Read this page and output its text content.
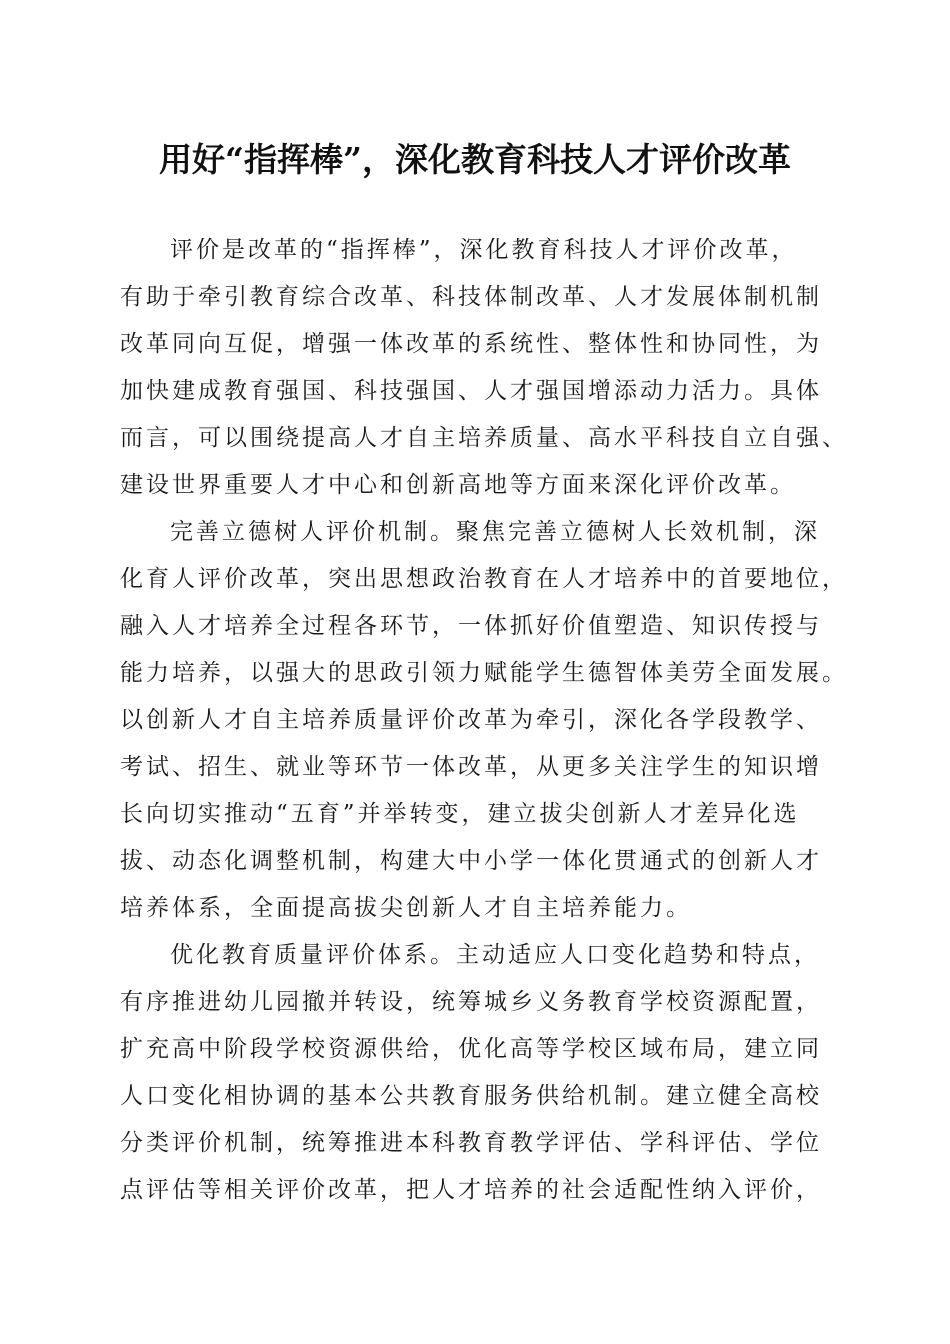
用好“指挥棒”，深化教育科技人才评价改革
评价是改革的“指挥棒”，深化教育科技人才评价改革，
有助于牵引教育综合改革、科技体制改革、人才发展体制机制
改革同向互促，增强一体改革的系统性、整体性和协同性，为
加快建成教育强国、科技强国、人才强国增添动力活力。具体
而言，可以围绕提高人才自主培养质量、高水平科技自立自强、
建设世界重要人才中心和创新高地等方面来深化评价改革。
完善立德树人评价机制。聚焦完善立德树人长效机制，深
化育人评价改革，突出思想政治教育在人才培养中的首要地位，
融入人才培养全过程各环节，一体抓好价值塑造、知识传授与
能力培养，以强大的思政引领力赋能学生德智体美劳全面发展。
以创新人才自主培养质量评价改革为牵引，深化各学段教学、
考试、招生、就业等环节一体改革，从更多关注学生的知识增
长向切实推动“五育”并举转变，建立拔尖创新人才差异化选
拔、动态化调整机制，构建大中小学一体化贯通式的创新人才
培养体系，全面提高拔尖创新人才自主培养能力。
优化教育质量评价体系。主动适应人口变化趋势和特点，
有序推进幼儿园撤并转设，统筹城乡义务教育学校资源配置，
扩充高中阶段学校资源供给，优化高等学校区域布局，建立同
人口变化相协调的基本公共教育服务供给机制。建立健全高校
分类评价机制，统筹推进本科教育教学评估、学科评估、学位
点评估等相关评价改革，把人才培养的社会适配性纳入评价，
